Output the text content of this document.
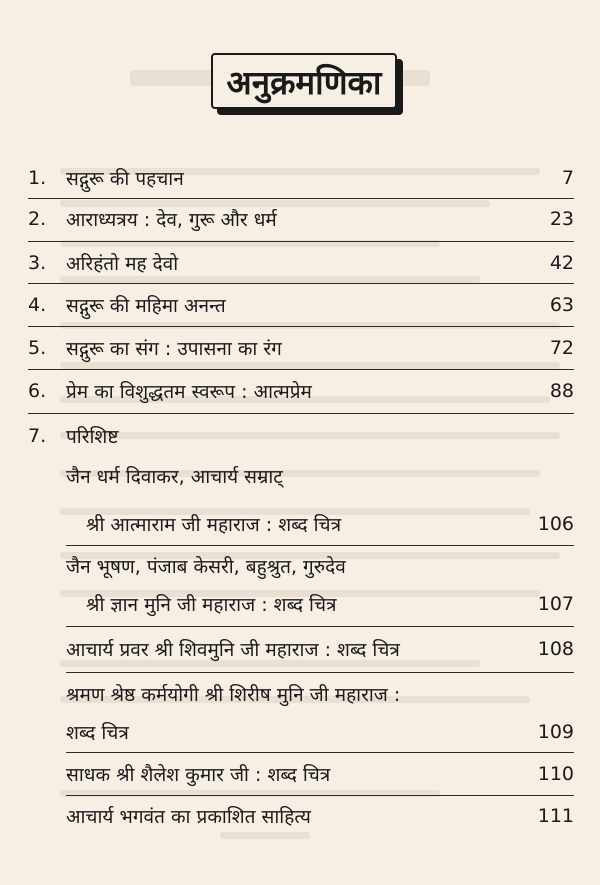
अनुक्रमणिका
1.	सद्गुरू की पहचान	7
2.	आराध्यत्रय : देव, गुरू और धर्म	23
3.	अरिहंतो मह देवो	42
4.	सद्गुरू की महिमा अनन्त	63
5.	सद्गुरू का संग : उपासना का रंग	72
6.	प्रेम का विशुद्धतम स्वरूप : आत्मप्रेम	88
7.	परिशिष्ट
जैन धर्म दिवाकर, आचार्य सम्राट्
श्री आत्माराम जी महाराज : शब्द चित्र	106
जैन भूषण, पंजाब केसरी, बहुश्रुत, गुरुदेव
श्री ज्ञान मुनि जी महाराज : शब्द चित्र	107
आचार्य प्रवर श्री शिवमुनि जी महाराज : शब्द चित्र	108
श्रमण श्रेष्ठ कर्मयोगी श्री शिरीष मुनि जी महाराज :
शब्द चित्र	109
साधक श्री शैलेश कुमार जी : शब्द चित्र	110
आचार्य भगवंत का प्रकाशित साहित्य	111
